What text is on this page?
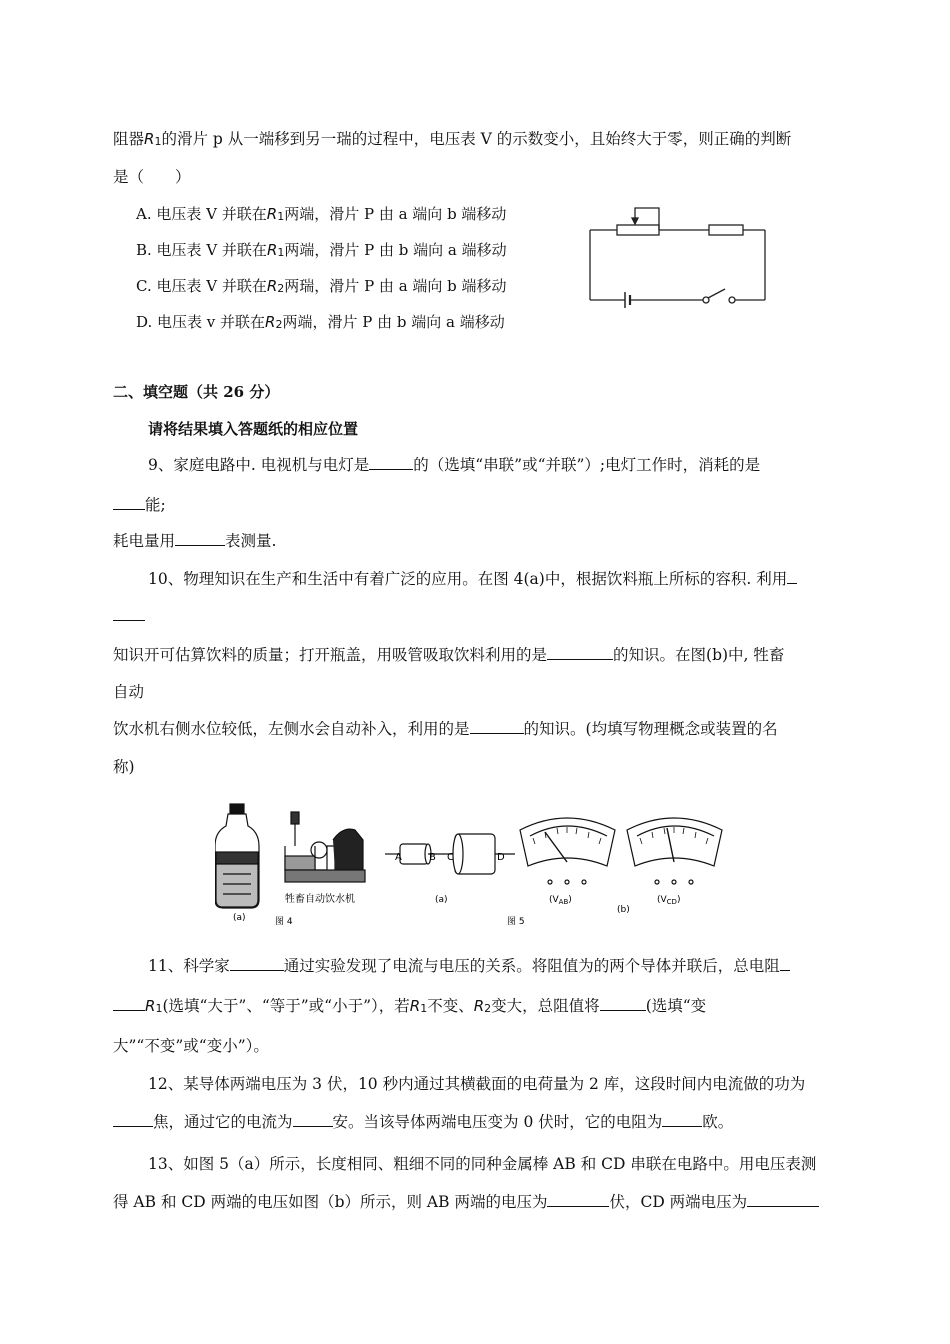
阻器R1的滑片 p 从一端移到另一瑞的过程中，电压表 V 的示数变小，且始终大于零，则正确的判断
是（　　）
A. 电压表 V 并联在R1两端，滑片 P 由 a 端向 b 端移动
B. 电压表 V 并联在R1两端，滑片 P 由 b 端向 a 端移动
C. 电压表 V 并联在R2两瑞，滑片 P 由 a 端向 b 端移动
D. 电压表 v 并联在R2两端，滑片 P 由 b 端向 a 端移动
二、填空题（共 26 分）
请将结果填入答题纸的相应位置
9、家庭电路中. 电视机与电灯是	的（选填“串联”或“并联”）;电灯工作时，消耗的是
能;
耗电量用	表测量.
10、物理知识在生产和生活中有着广泛的应用。在图 4(a)中，根据饮料瓶上所标的容积. 利用
知识开可估算饮料的质量；打开瓶盖，用吸管吸取饮料利用的是	的知识。在图(b)中, 牲畜
自动
饮水机右侧水位较低，左侧水会自动补入，利用的是	的知识。(均填写物理概念或装置的名
称)
(a)
牲畜自动饮水机
图 4
A	B C	D
(a)
图 5
$(V_{AB})$	$(V_{CD})$
(b)
11、科学家	通过实验发现了电流与电压的关系。将阻值为的两个导体并联后，总电阻
R1(选填“大于”、“等于”或“小于”），若R1不变、R2变大，总阻值将	(选填“变
大”“不变”或“变小”）。
12、某导体两端电压为 3 伏，10 秒内通过其横截面的电荷量为 2 库，这段时间内电流做的功为
焦，通过它的电流为	安。当该导体两端电压变为 0 伏时，它的电阻为	欧。
13、如图 5（a）所示，长度相同、粗细不同的同种金属棒 AB 和 CD 串联在电路中。用电压表测
得 AB 和 CD 两端的电压如图（b）所示，则 AB 两端的电压为	伏，CD 两端电压为
